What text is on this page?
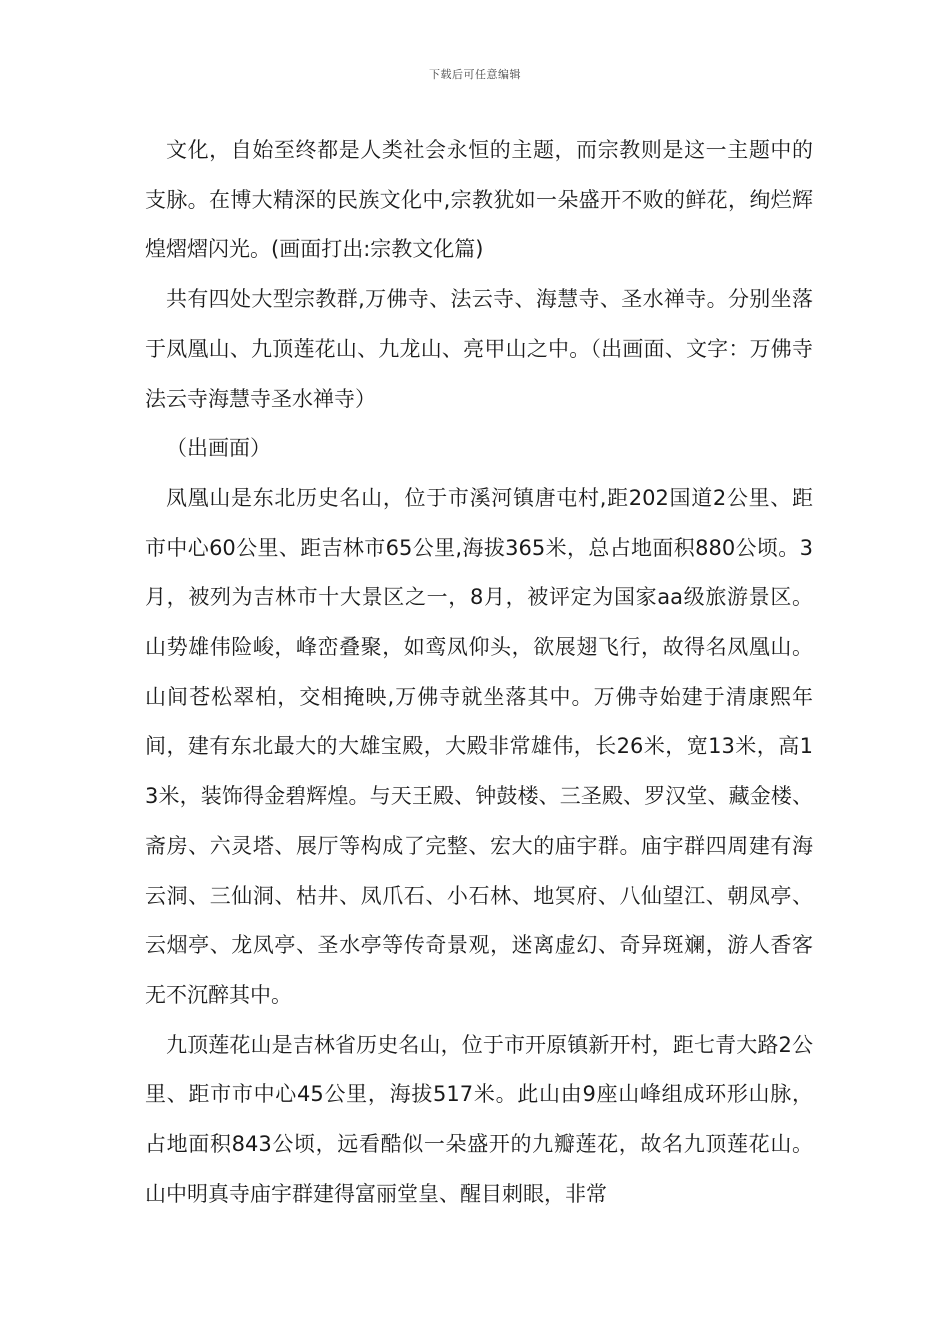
下载后可任意编辑

文化，自始至终都是人类社会永恒的主题，而宗教则是这一主题中的支脉。在博大精深的民族文化中,宗教犹如一朵盛开不败的鲜花，绚烂辉煌熠熠闪光。(画面打出:宗教文化篇)

共有四处大型宗教群,万佛寺、法云寺、海慧寺、圣水禅寺。分别坐落于凤凰山、九顶莲花山、九龙山、亮甲山之中。（出画面、文字：万佛寺法云寺海慧寺圣水禅寺）

（出画面）

凤凰山是东北历史名山，位于市溪河镇唐屯村,距202国道2公里、距市中心60公里、距吉林市65公里,海拔365米，总占地面积880公顷。3月，被列为吉林市十大景区之一，8月，被评定为国家aa级旅游景区。山势雄伟险峻，峰峦叠聚，如鸾凤仰头，欲展翅飞行，故得名凤凰山。山间苍松翠柏，交相掩映,万佛寺就坐落其中。万佛寺始建于清康熙年间，建有东北最大的大雄宝殿，大殿非常雄伟，长26米，宽13米，高13米，装饰得金碧辉煌。与天王殿、钟鼓楼、三圣殿、罗汉堂、藏金楼、斋房、六灵塔、展厅等构成了完整、宏大的庙宇群。庙宇群四周建有海云洞、三仙洞、枯井、凤爪石、小石林、地冥府、八仙望江、朝凤亭、云烟亭、龙凤亭、圣水亭等传奇景观，迷离虚幻、奇异斑斓，游人香客无不沉醉其中。

九顶莲花山是吉林省历史名山，位于市开原镇新开村，距七青大路2公里、距市市中心45公里，海拔517米。此山由9座山峰组成环形山脉，占地面积843公顷，远看酷似一朵盛开的九瓣莲花，故名九顶莲花山。山中明真寺庙宇群建得富丽堂皇、醒目刺眼，非常
